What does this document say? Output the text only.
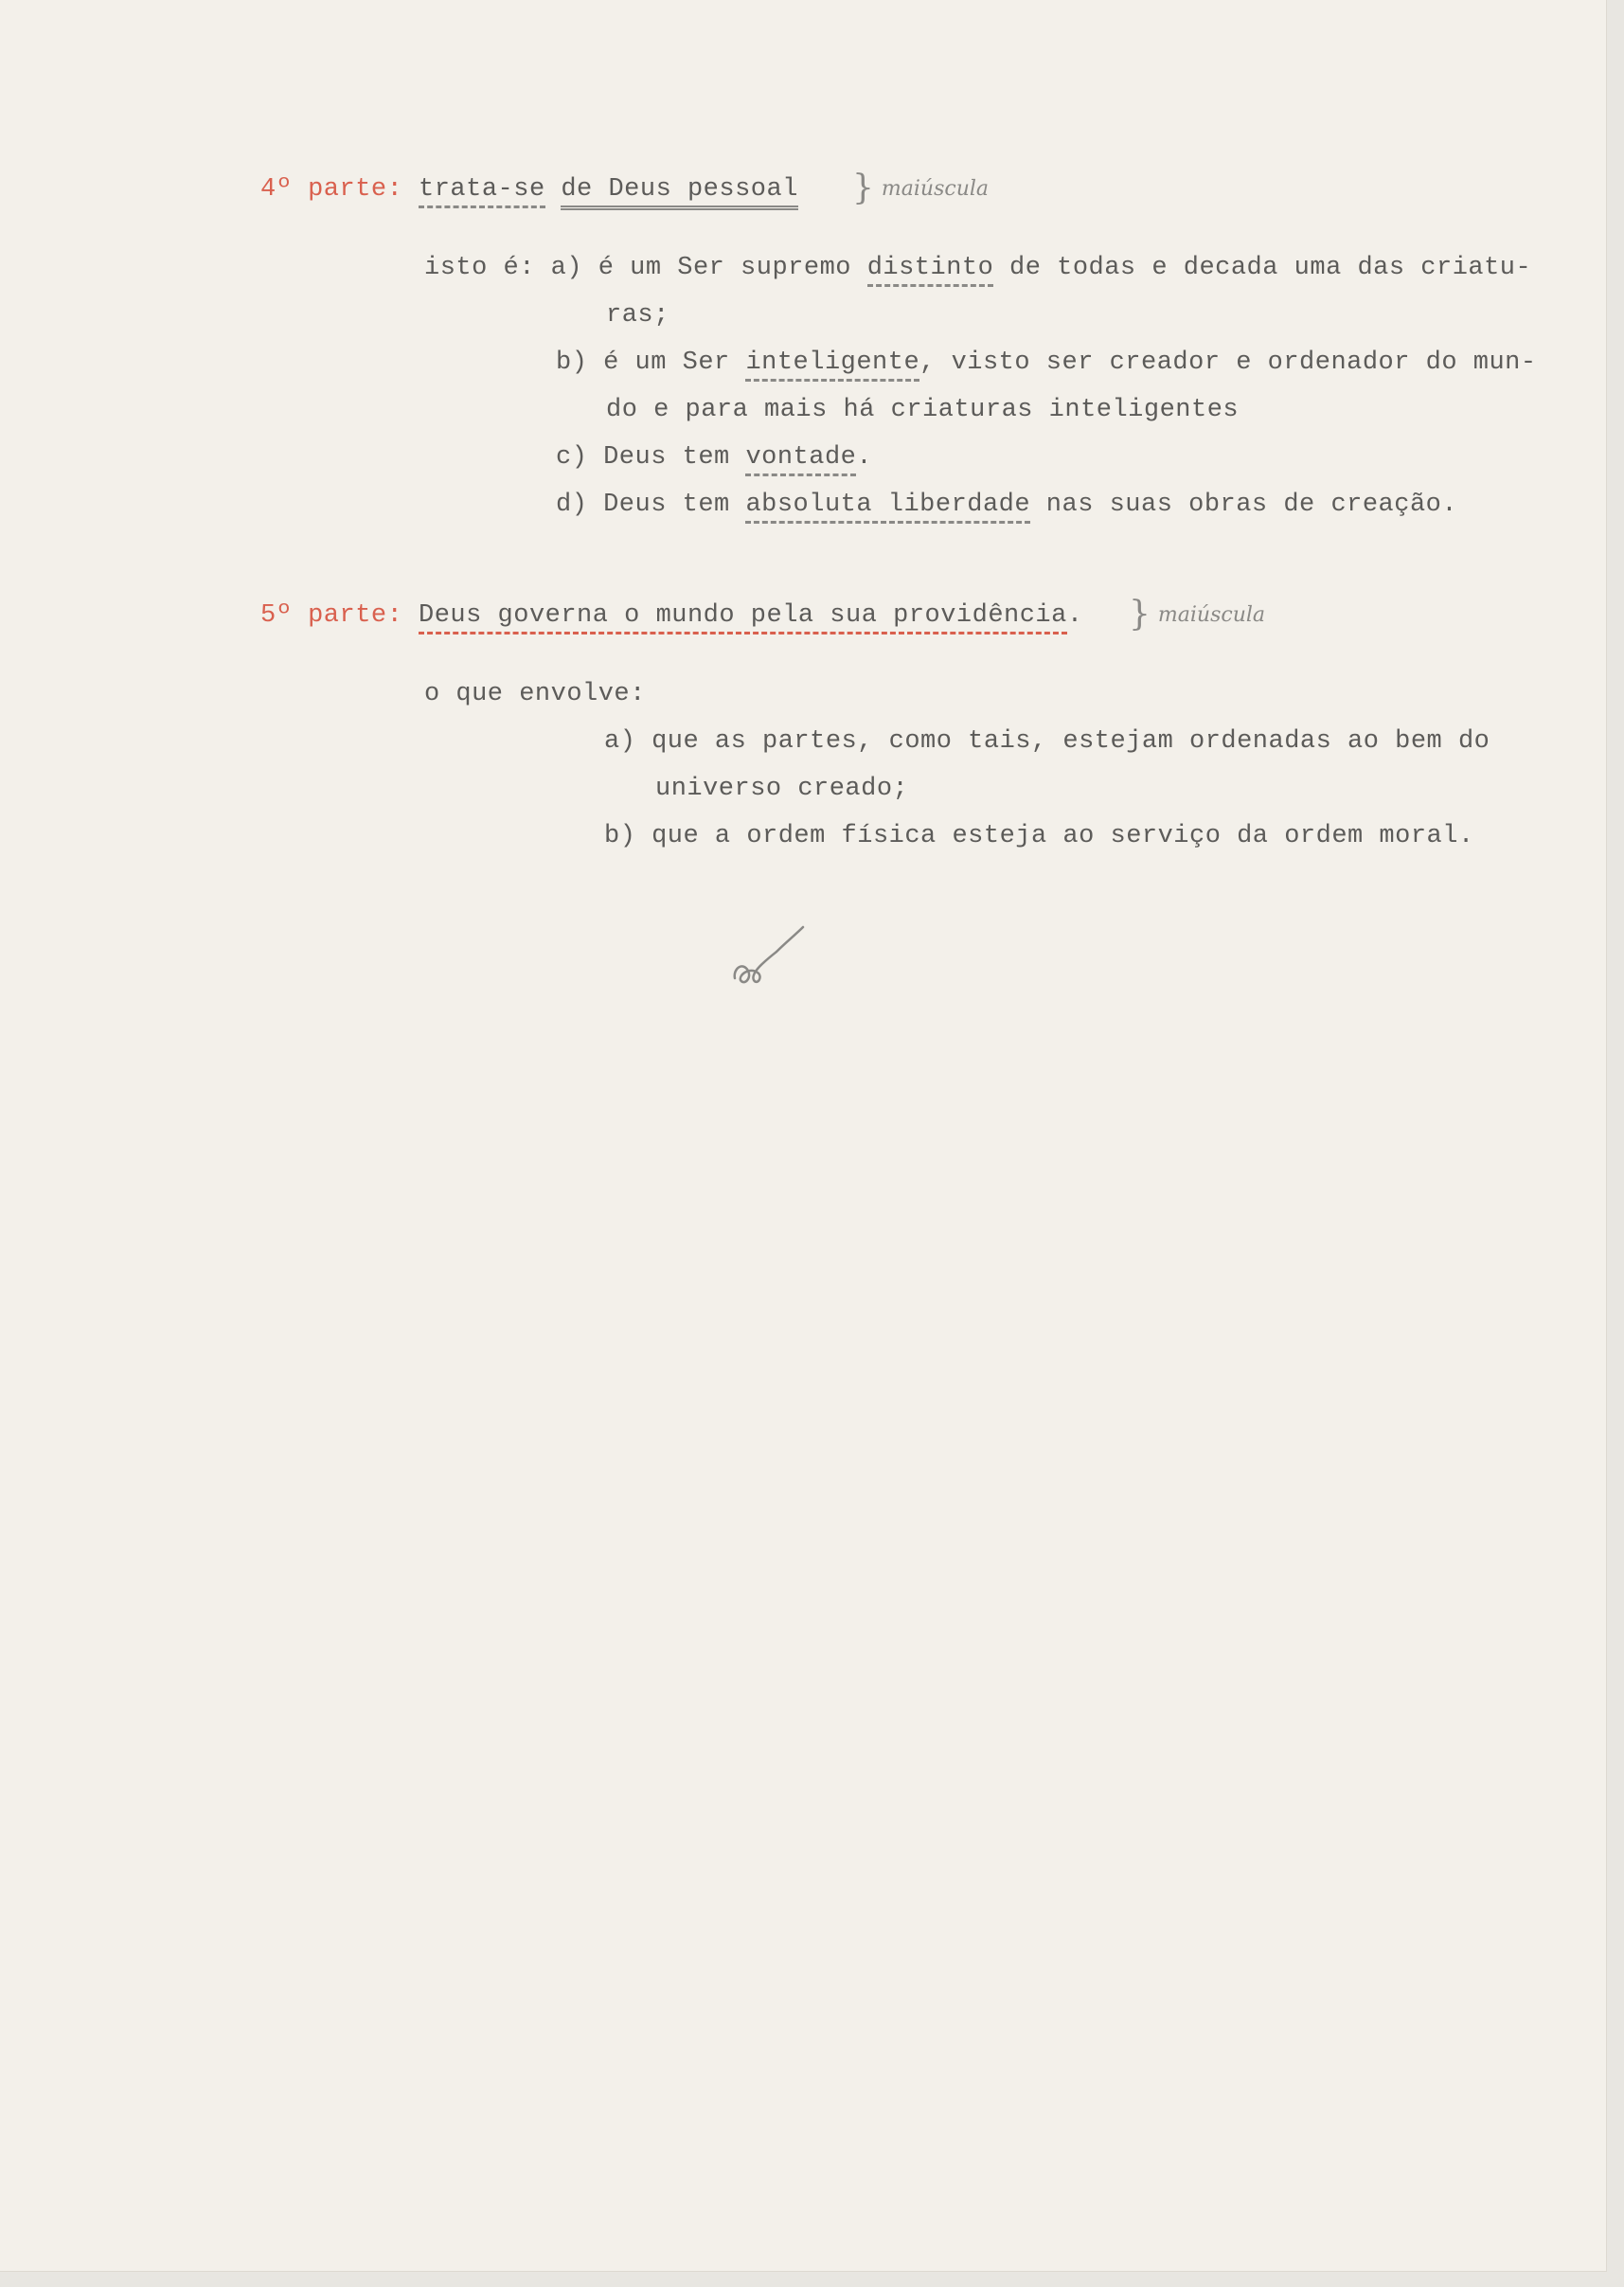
4º parte: trata-se de Deus pessoal } maiúscula
isto é: a) é um Ser supremo distinto de todas e decada uma das criatu-
ras;
b) é um Ser inteligente, visto ser creador e ordenador do mun-
do e para mais há criaturas inteligentes
c) Deus tem vontade.
d) Deus tem absoluta liberdade nas suas obras de creação.
5º parte: Deus governa o mundo pela sua providência. } maiúscula
o que envolve:
a) que as partes, como tais, estejam ordenadas ao bem do
universo creado;
b) que a ordem física esteja ao serviço da ordem moral.
